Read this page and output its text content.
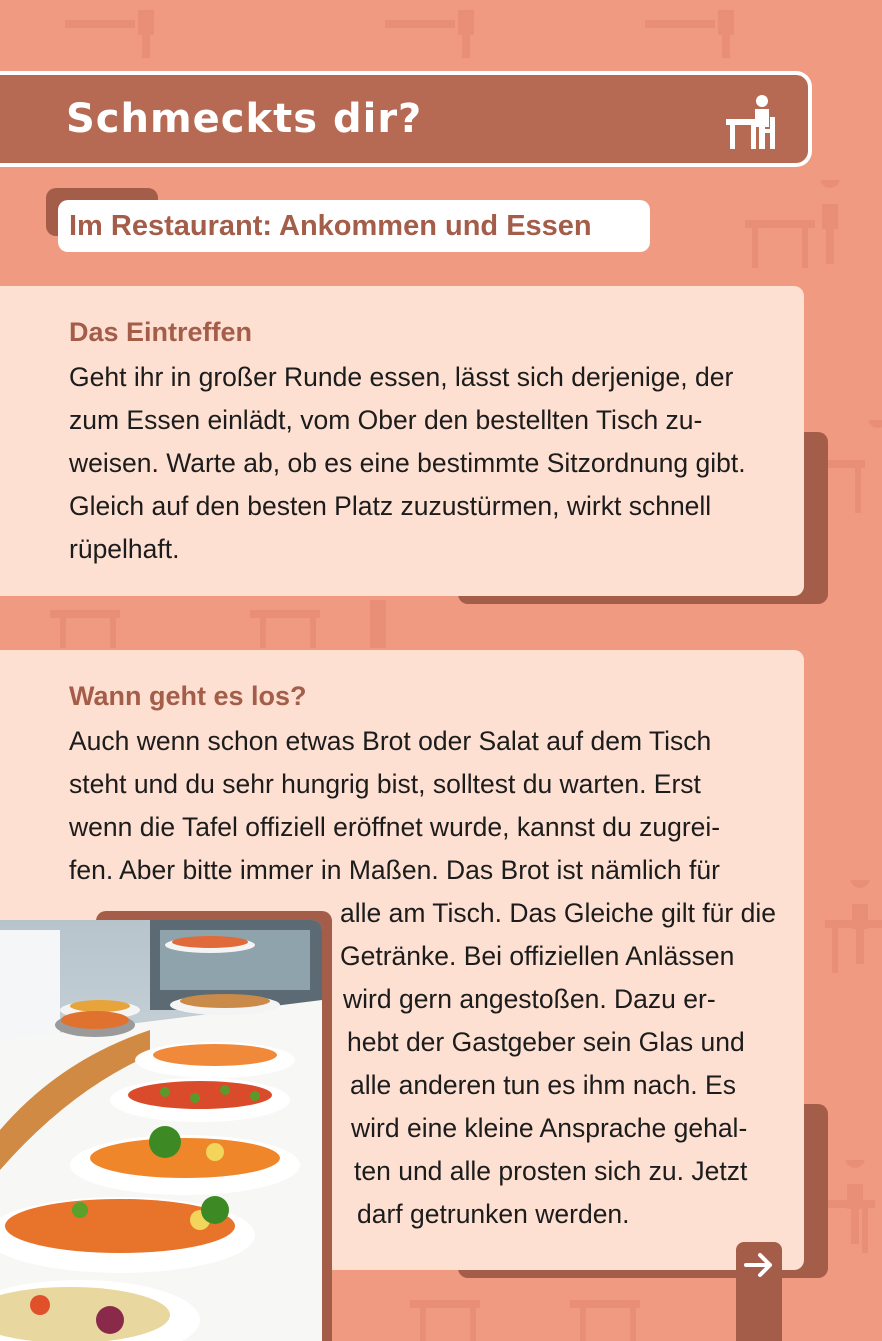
Schmeckts dir?
Im Restaurant: Ankommen und Essen
Das Eintreffen
Geht ihr in großer Runde essen, lässt sich derjenige, der
zum Essen einlädt, vom Ober den bestellten Tisch zu-
weisen. Warte ab, ob es eine bestimmte Sitzordnung gibt.
Gleich auf den besten Platz zuzustürmen, wirkt schnell
rüpelhaft.
Wann geht es los?
Auch wenn schon etwas Brot oder Salat auf dem Tisch
steht und du sehr hungrig bist, solltest du warten. Erst
wenn die Tafel offiziell eröffnet wurde, kannst du zugrei-
fen. Aber bitte immer in Maßen. Das Brot ist nämlich für
alle am Tisch. Das Gleiche gilt für die
Getränke. Bei offiziellen Anlässen
wird gern angestoßen. Dazu er-
hebt der Gastgeber sein Glas und
alle anderen tun es ihm nach. Es
wird eine kleine Ansprache gehal-
ten und alle prosten sich zu. Jetzt
darf getrunken werden.
